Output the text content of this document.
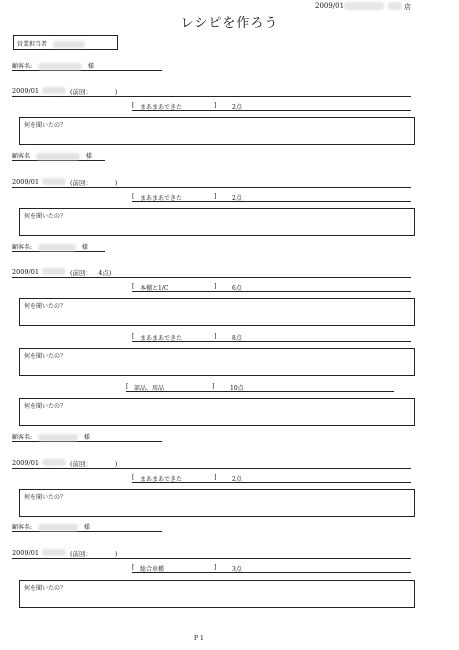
2009/01	店
レシピを作ろう
営業担当者
顧客名:	様
2009/01	(前回：	)
[ まあまあできた	]	2点
何を聞いたの？
顧客名	様
2009/01	(前回：	)
[ まあまあできた	]	2点
何を聞いたの？
顧客名:	様
2009/01	(前回： 4点)
[ 本棚と1/C	]	6点
何を聞いたの？
[ まあまあできた	]	8点
何を聞いたの？
[ 部品、用品	]	10点
何を聞いたの？
顧客名:	様
2009/01	(前回：	)
[ まあまあできた	]	2点
何を聞いたの？
顧客名:	様
2009/01	(前回：	)
[ 総合車種	]	3点
何を聞いたの？
P 1
